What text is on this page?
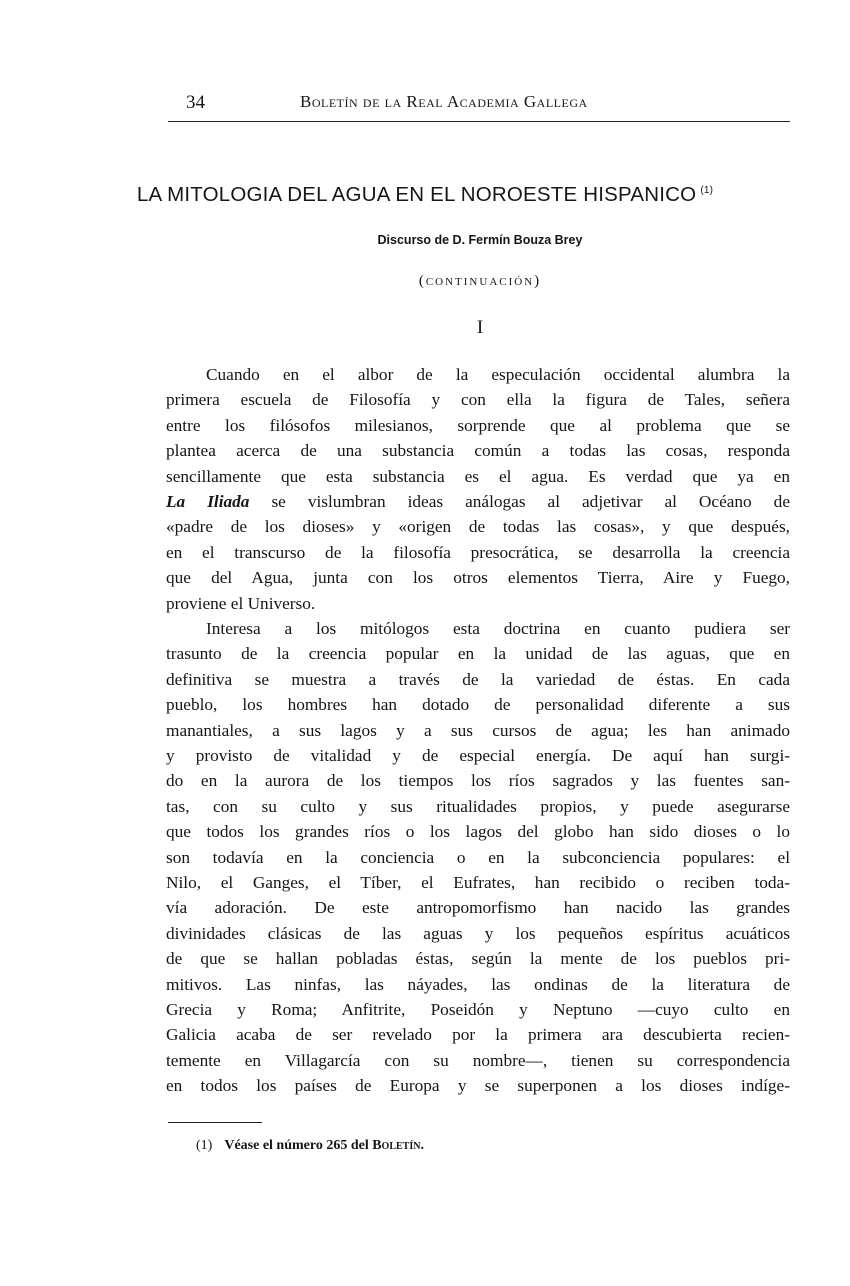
34	Boletín de la Real Academia Gallega
LA MITOLOGIA DEL AGUA EN EL NOROESTE HISPANICO $^{(1)}$
Discurso de D. Fermín Bouza Brey
(continuación)
I
Cuando en el albor de la especulación occidental alumbra la
primera escuela de Filosofía y con ella la figura de Tales, señera
entre los filósofos milesianos, sorprende que al problema que se
plantea acerca de una substancia común a todas las cosas, responda
sencillamente que esta substancia es el agua. Es verdad que ya en
La Iliada se vislumbran ideas análogas al adjetivar al Océano de
«padre de los dioses» y «origen de todas las cosas», y que después,
en el transcurso de la filosofía presocrática, se desarrolla la creencia
que del Agua, junta con los otros elementos Tierra, Aire y Fuego,
proviene el Universo.
Interesa a los mitólogos esta doctrina en cuanto pudiera ser
trasunto de la creencia popular en la unidad de las aguas, que en
definitiva se muestra a través de la variedad de éstas. En cada
pueblo, los hombres han dotado de personalidad diferente a sus
manantiales, a sus lagos y a sus cursos de agua; les han animado
y provisto de vitalidad y de especial energía. De aquí han surgi-
do en la aurora de los tiempos los ríos sagrados y las fuentes san-
tas, con su culto y sus ritualidades propios, y puede asegurarse
que todos los grandes ríos o los lagos del globo han sido dioses o lo
son todavía en la conciencia o en la subconciencia populares: el
Nilo, el Ganges, el Tíber, el Eufrates, han recibido o reciben toda-
vía adoración. De este antropomorfismo han nacido las grandes
divinidades clásicas de las aguas y los pequeños espíritus acuáticos
de que se hallan pobladas éstas, según la mente de los pueblos pri-
mitivos. Las ninfas, las náyades, las ondinas de la literatura de
Grecia y Roma; Anfitrite, Poseidón y Neptuno —cuyo culto en
Galicia acaba de ser revelado por la primera ara descubierta recien-
temente en Villagarcía con su nombre—, tienen su correspondencia
en todos los países de Europa y se superponen a los dioses indíge-
(1) Véase el número 265 del Boletín.
